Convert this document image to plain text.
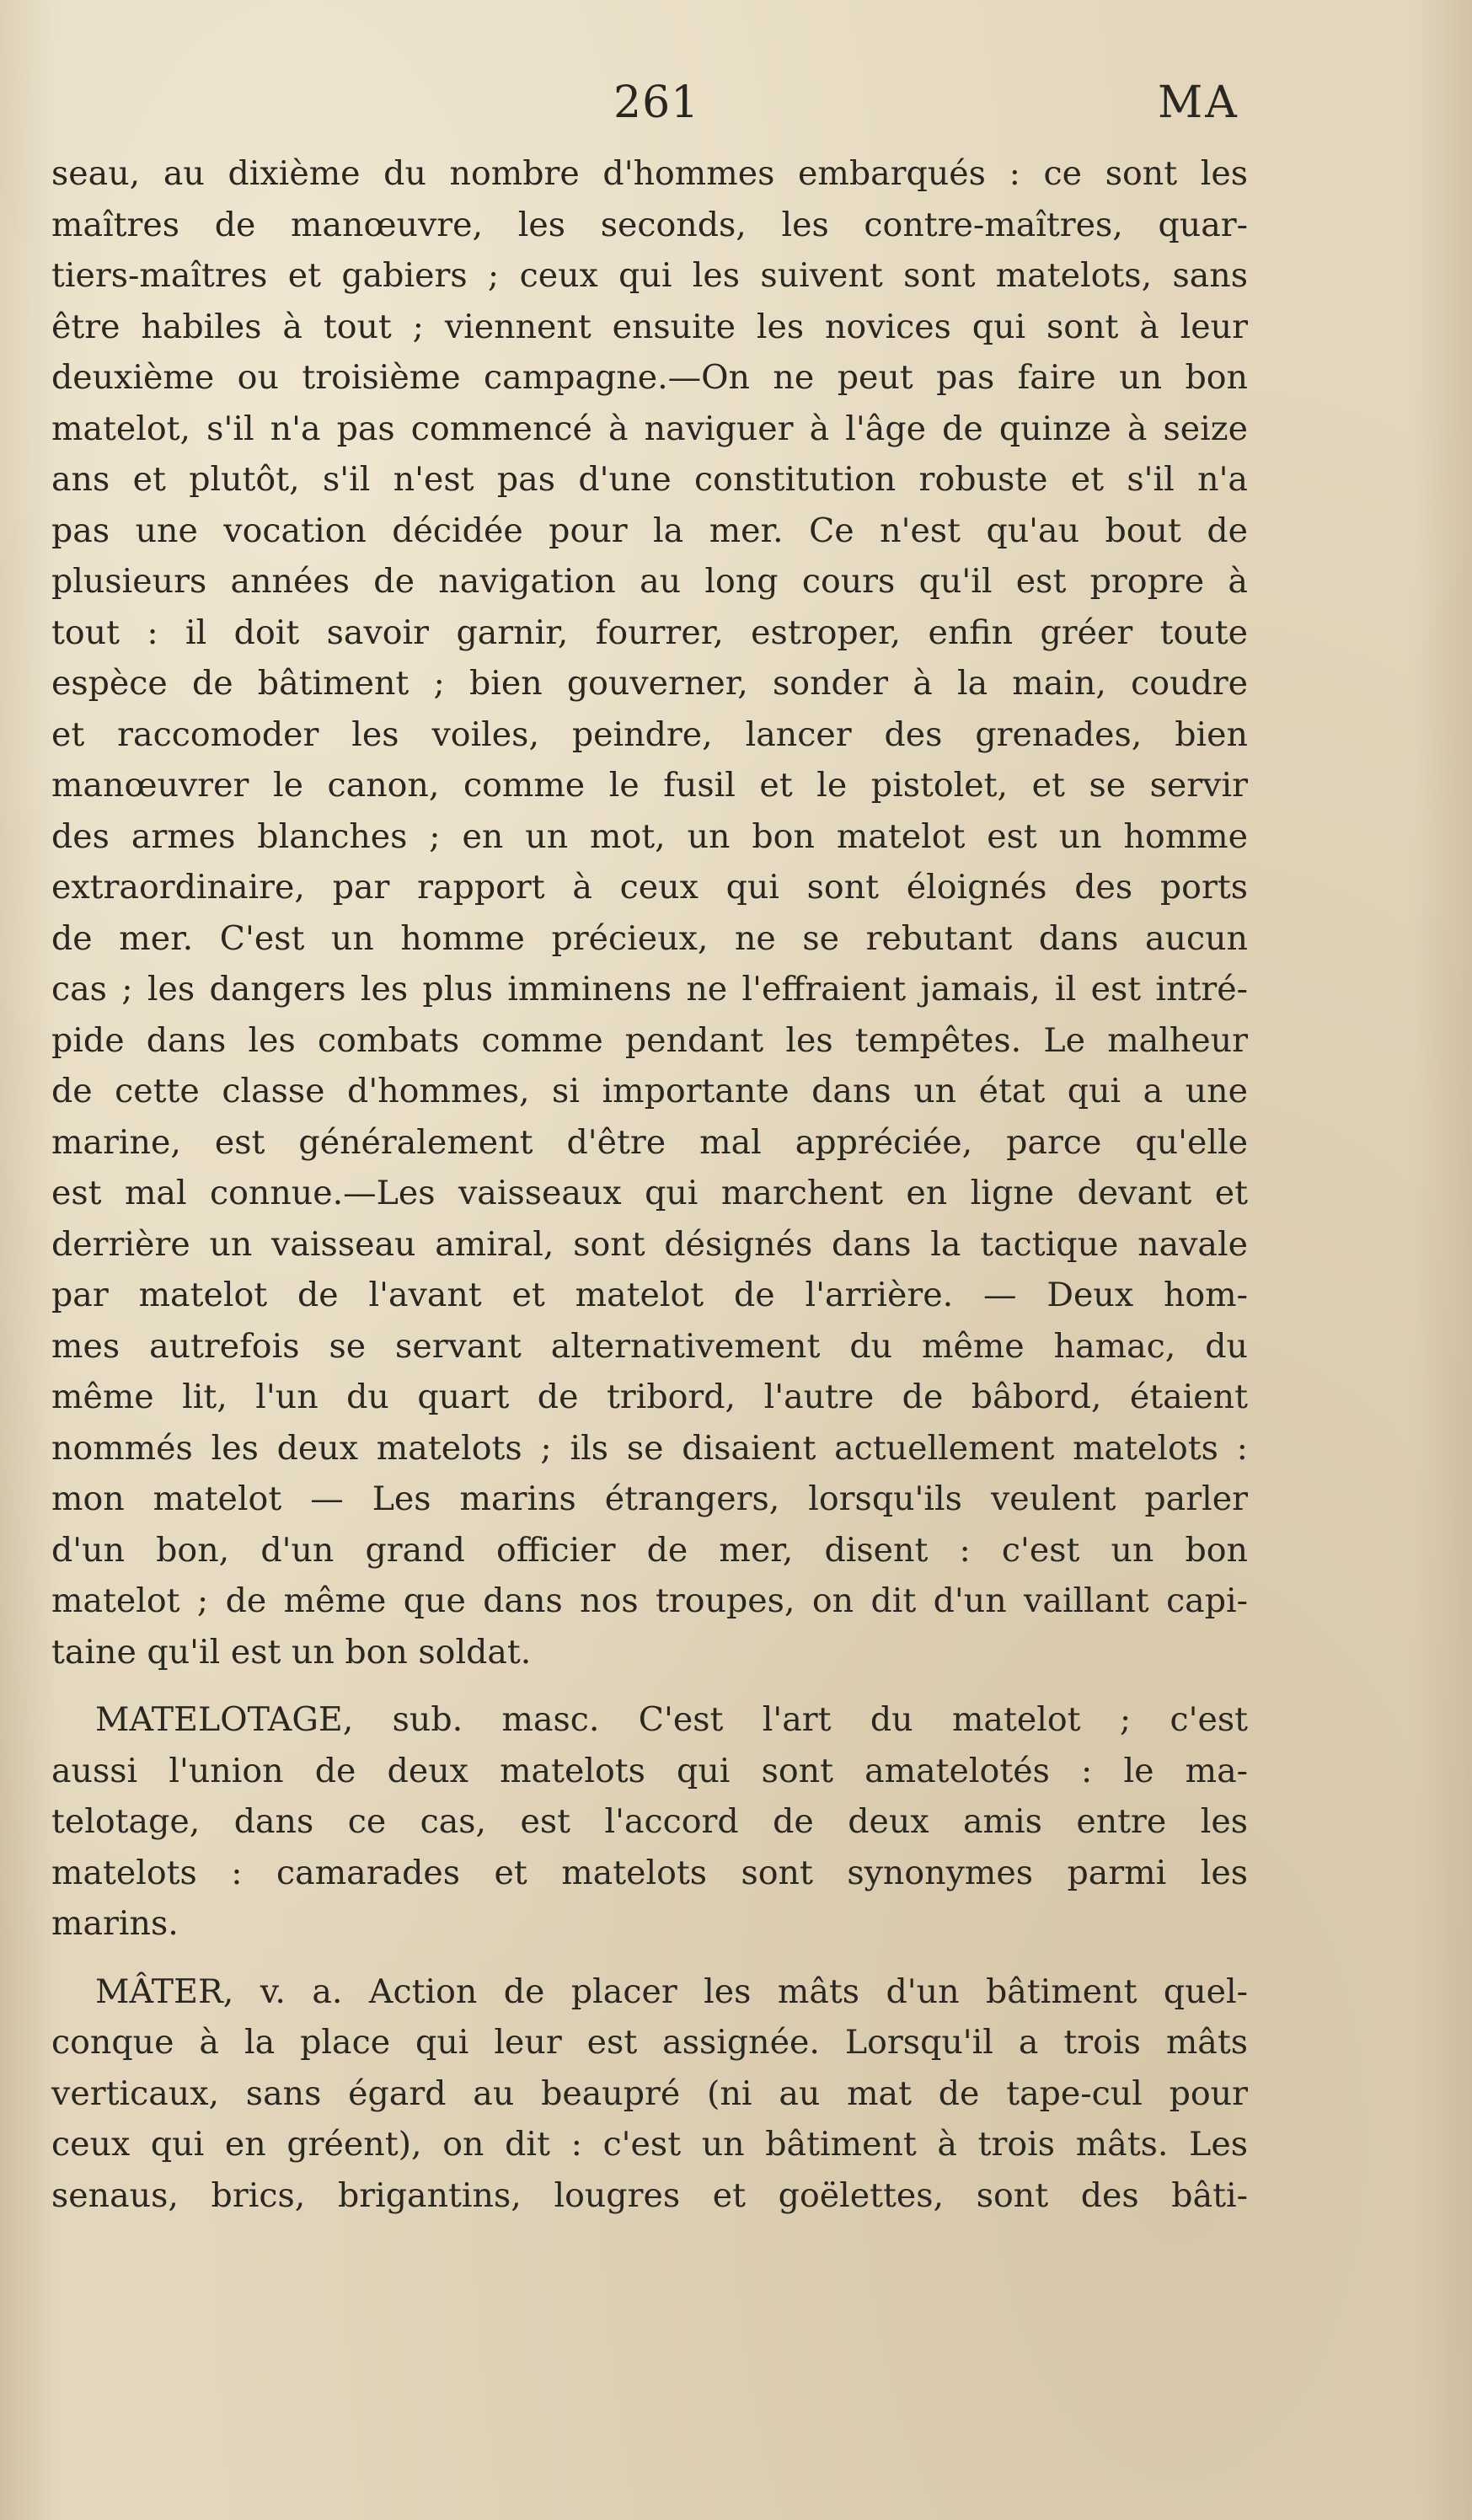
261	MA
seau, au dixième du nombre d'hommes embarqués : ce sont les
maîtres de manœuvre, les seconds, les contre-maîtres, quar-
tiers-maîtres et gabiers ; ceux qui les suivent sont matelots, sans
être habiles à tout ; viennent ensuite les novices qui sont à leur
deuxième ou troisième campagne.—On ne peut pas faire un bon
matelot, s'il n'a pas commencé à naviguer à l'âge de quinze à seize
ans et plutôt, s'il n'est pas d'une constitution robuste et s'il n'a
pas une vocation décidée pour la mer. Ce n'est qu'au bout de
plusieurs années de navigation au long cours qu'il est propre à
tout : il doit savoir garnir, fourrer, estroper, enfin gréer toute
espèce de bâtiment ; bien gouverner, sonder à la main, coudre
et raccomoder les voiles, peindre, lancer des grenades, bien
manœuvrer le canon, comme le fusil et le pistolet, et se servir
des armes blanches ; en un mot, un bon matelot est un homme
extraordinaire, par rapport à ceux qui sont éloignés des ports
de mer. C'est un homme précieux, ne se rebutant dans aucun
cas ; les dangers les plus imminens ne l'effraient jamais, il est intré-
pide dans les combats comme pendant les tempêtes. Le malheur
de cette classe d'hommes, si importante dans un état qui a une
marine, est généralement d'être mal appréciée, parce qu'elle
est mal connue.—Les vaisseaux qui marchent en ligne devant et
derrière un vaisseau amiral, sont désignés dans la tactique navale
par matelot de l'avant et matelot de l'arrière. — Deux hom-
mes autrefois se servant alternativement du même hamac, du
même lit, l'un du quart de tribord, l'autre de bâbord, étaient
nommés les deux matelots ; ils se disaient actuellement matelots :
mon matelot — Les marins étrangers, lorsqu'ils veulent parler
d'un bon, d'un grand officier de mer, disent : c'est un bon
matelot ; de même que dans nos troupes, on dit d'un vaillant capi-
taine qu'il est un bon soldat.
MATELOTAGE, sub. masc. C'est l'art du matelot ; c'est
aussi l'union de deux matelots qui sont amatelotés : le ma-
telotage, dans ce cas, est l'accord de deux amis entre les
matelots : camarades et matelots sont synonymes parmi les
marins.
MÂTER, v. a. Action de placer les mâts d'un bâtiment quel-
conque à la place qui leur est assignée. Lorsqu'il a trois mâts
verticaux, sans égard au beaupré (ni au mat de tape-cul pour
ceux qui en gréent), on dit : c'est un bâtiment à trois mâts. Les
senaus, brics, brigantins, lougres et goëlettes, sont des bâti-
